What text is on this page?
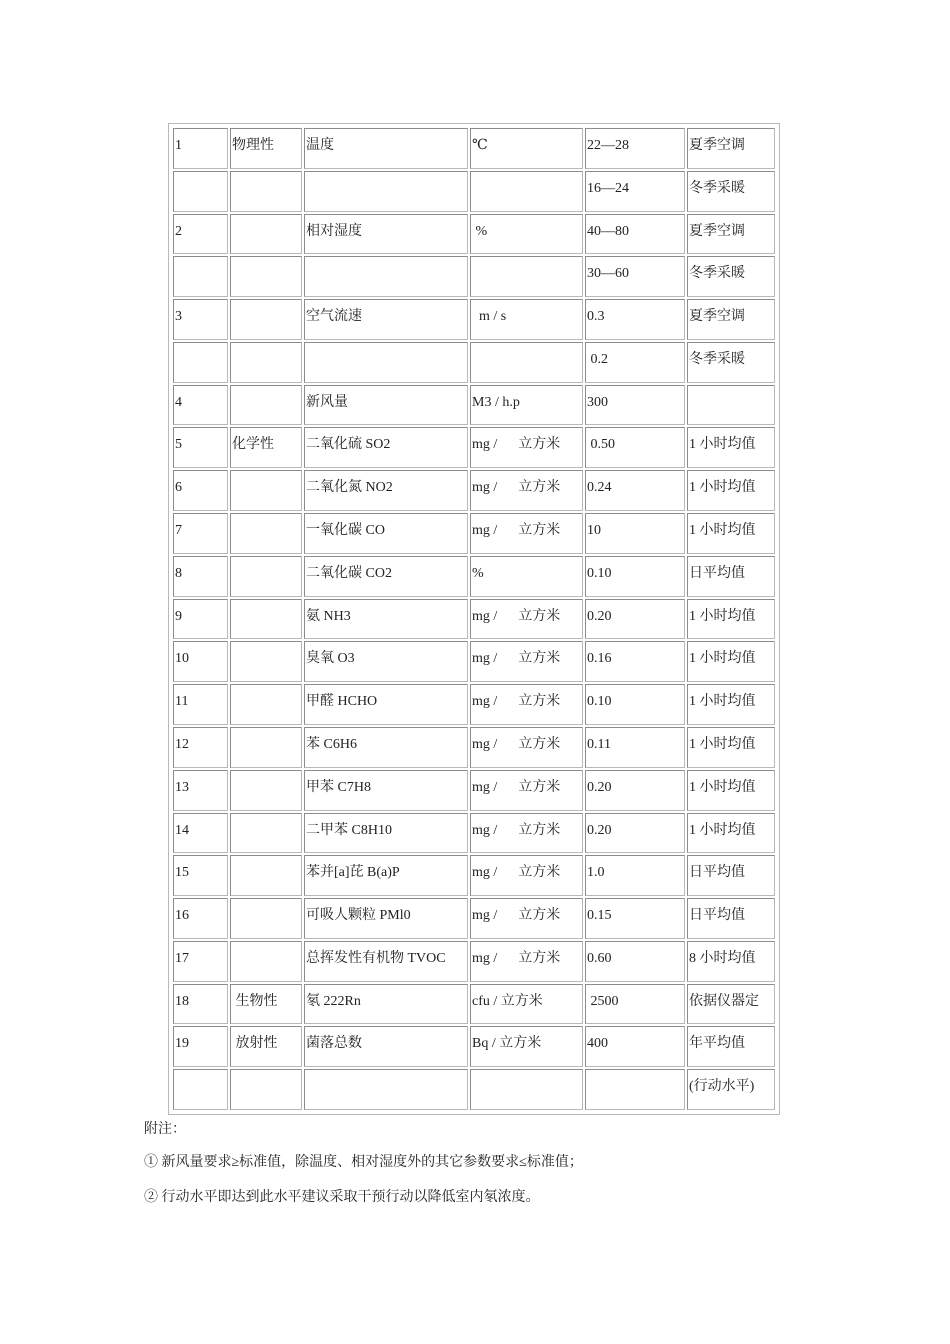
1	物理性	温度	℃	22—28	夏季空调
				16—24	冬季采暖
2		相对湿度	%	40—80	夏季空调
				30—60	冬季采暖
3		空气流速	m / s	0.3	夏季空调
				0.2	冬季采暖
4		新风量	M3 / h.p	300	
5	化学性	二氧化硫 SO2	mg /      立方米	0.50	1 小时均值
6		二氧化氮 NO2	mg /      立方米	0.24	1 小时均值
7		一氧化碳 CO	mg /      立方米	10	1 小时均值
8		二氧化碳 CO2	%	0.10	日平均值
9		氨 NH3	mg /      立方米	0.20	1 小时均值
10		臭氧 O3	mg /      立方米	0.16	1 小时均值
11		甲醛 HCHO	mg /      立方米	0.10	1 小时均值
12		苯 C6H6	mg /      立方米	0.11	1 小时均值
13		甲苯 C7H8	mg /      立方米	0.20	1 小时均值
14		二甲苯 C8H10	mg /      立方米	0.20	1 小时均值
15		苯并[a]芘 B(a)P	mg /      立方米	1.0	日平均值
16		可吸人颗粒 PMl0	mg /      立方米	0.15	日平均值
17		总挥发性有机物 TVOC	mg /      立方米	0.60	8 小时均值
18	生物性	氡 222Rn	cfu / 立方米	2500	依据仪器定
19	放射性	菌落总数	Bq / 立方米	400	年平均值
					(行动水平)
附注：
① 新风量要求≥标准值，除温度、相对湿度外的其它参数要求≤标准值；
② 行动水平即达到此水平建议采取干预行动以降低室内氡浓度。
